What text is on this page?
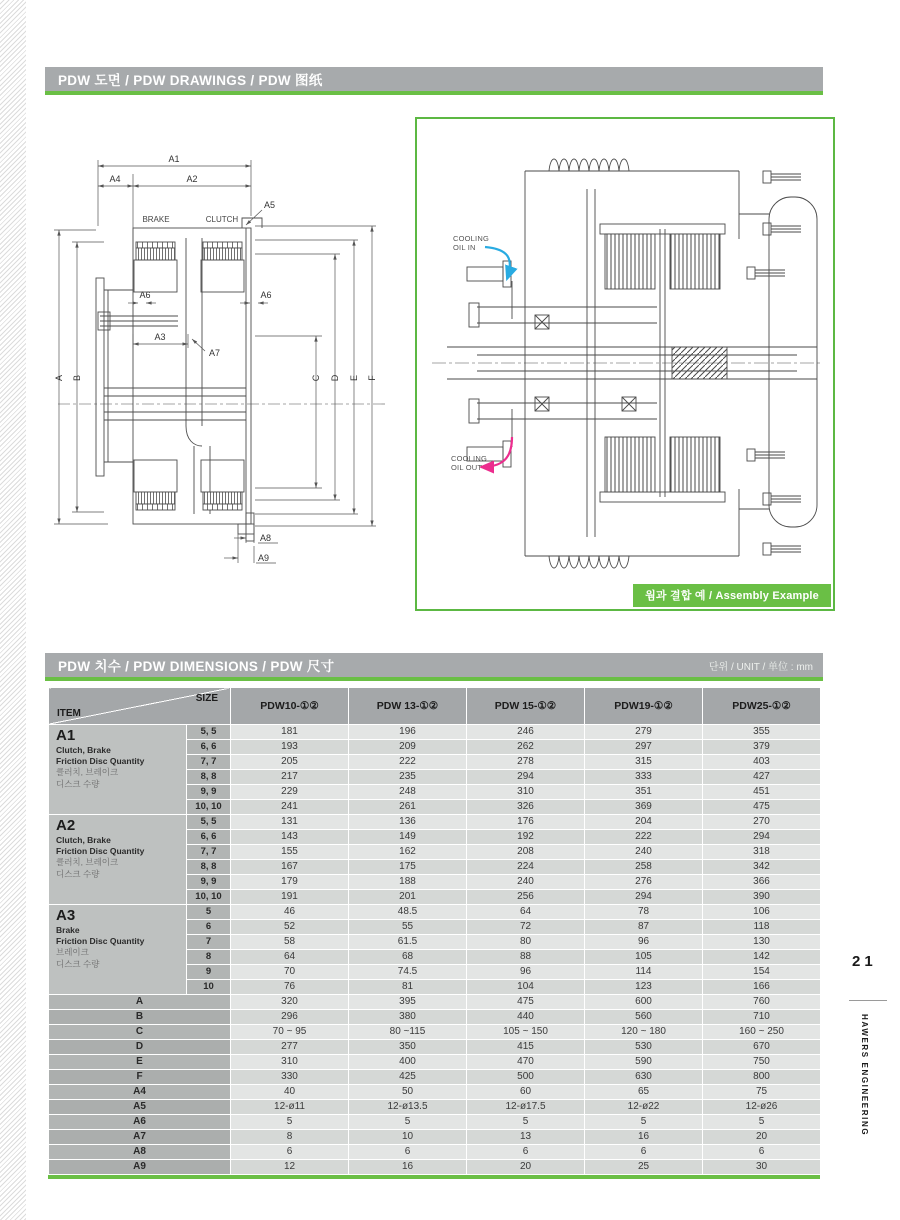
PDW 도면 / PDW DRAWINGS / PDW 图纸
A1
A4	A2
A5
BRAKE	CLUTCH
A6	A6
A3
A7
A8
A9
A B	C D E F
COOLING OIL IN
COOLING OIL OUT
웜과 결합 예 / Assembly Example
PDW 치수 / PDW DIMENSIONS / PDW 尺寸	단위 / UNIT / 单位 : mm
SIZE
ITEM		PDW10-①②	PDW 13-①②	PDW 15-①②	PDW19-①②	PDW25-①②

A1
Clutch, Brake
Friction Disc Quantity
클러치, 브레이크
디스크 수량	5, 5	181	196	246	279	355
	6, 6	193	209	262	297	379
	7, 7	205	222	278	315	403
	8, 8	217	235	294	333	427
	9, 9	229	248	310	351	451
	10, 10	241	261	326	369	475

A2
Clutch, Brake
Friction Disc Quantity
클러치, 브레이크
디스크 수량	5, 5	131	136	176	204	270
	6, 6	143	149	192	222	294
	7, 7	155	162	208	240	318
	8, 8	167	175	224	258	342
	9, 9	179	188	240	276	366
	10, 10	191	201	256	294	390

A3
Brake
Friction Disc Quantity
브레이크
디스크 수량	5	46	48.5	64	78	106
	6	52	55	72	87	118
	7	58	61.5	80	96	130
	8	64	68	88	105	142
	9	70	74.5	96	114	154
	10	76	81	104	123	166
A		320	395	475	600	760
B		296	380	440	560	710
C		70 ~ 95	80 ~115	105 ~ 150	120 ~ 180	160 ~ 250
D		277	350	415	530	670
E		310	400	470	590	750
F		330	425	500	630	800
A4		40	50	60	65	75
A5		12-ø11	12-ø13.5	12-ø17.5	12-ø22	12-ø26
A6		5	5	5	5	5
A7		8	10	13	16	20
A8		6	6	6	6	6
A9		12	16	20	25	30
21
HAWERS ENGINEERING
